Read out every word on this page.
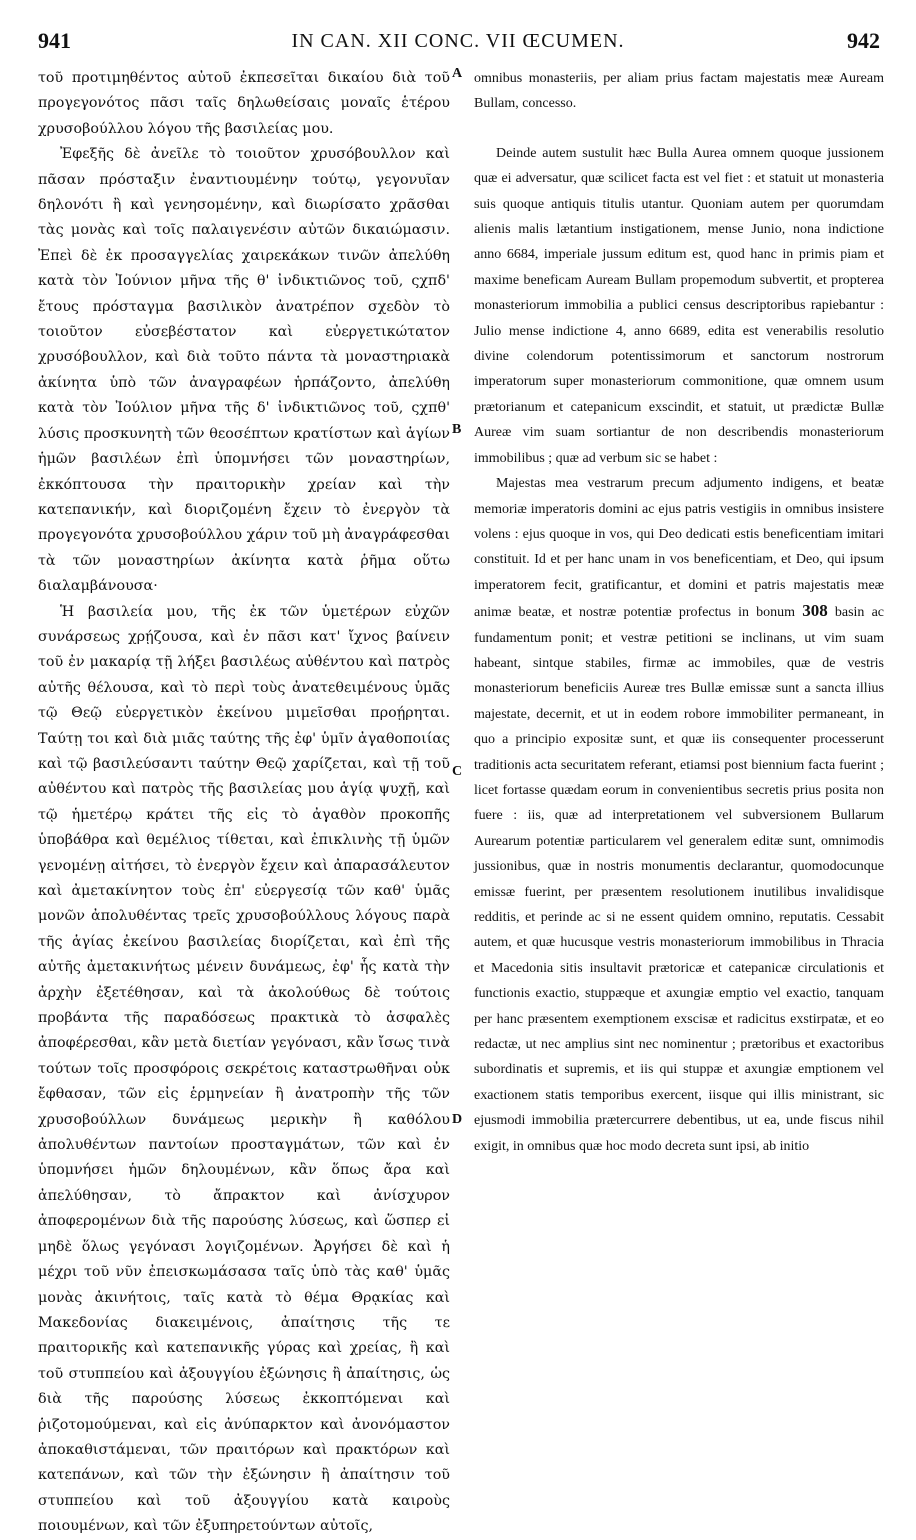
941	IN CAN. XII CONC. VII ŒCUMEN.	942

τοῦ προτιμηθέντος αὐτοῦ ἐκπεσεῖται δικαίου διὰ τοῦ προγεγονότος πᾶσι ταῖς δηλωθείσαις μοναῖς ἑτέρου χρυσοβούλλου λόγου τῆς βασιλείας μου.

Ἐφεξῆς δὲ ἀνεῖλε τὸ τοιοῦτον χρυσόβουλλον καὶ πᾶσαν πρόσταξιν ἐναντιουμένην τούτῳ, γεγονυῖαν δηλονότι ἢ καὶ γενησομένην, καὶ διωρίσατο χρᾶσθαι τὰς μονὰς καὶ τοῖς παλαιγενέσιν αὐτῶν δικαιώμασιν. Ἐπεὶ δὲ ἐκ προσαγγελίας χαιρεκάκων τινῶν ἀπελύθη κατὰ τὸν Ἰούνιον μῆνα τῆς θ' ἰνδικτιῶνος τοῦ, ςχπδ' ἔτους πρόσταγμα βασιλικὸν ἀνατρέπον σχεδὸν τὸ τοιοῦτον εὐσεβέστατον καὶ εὐεργετικώτατον χρυσόβουλλον, καὶ διὰ τοῦτο πάντα τὰ μοναστηριακὰ ἀκίνητα ὑπὸ τῶν ἀναγραφέων ἡρπάζοντο, ἀπελύθη κατὰ τὸν Ἰούλιον μῆνα τῆς δ' ἰνδικτιῶνος τοῦ, ςχπθ' λύσις προσκυνητὴ τῶν θεοσέπτων κρατίστων καὶ ἁγίων ἡμῶν βασιλέων ἐπὶ ὑπομνήσει τῶν μοναστηρίων, ἐκκόπτουσα τὴν πραιτορικὴν χρείαν καὶ τὴν κατεπανικήν, καὶ διοριζομένη ἔχειν τὸ ἐνεργὸν τὰ προγεγονότα χρυσοβούλλου χάριν τοῦ μὴ ἀναγράφεσθαι τὰ τῶν μοναστηρίων ἀκίνητα κατὰ ῥῆμα οὕτω διαλαμβάνουσα·

Ἡ βασιλεία μου, τῆς ἐκ τῶν ὑμετέρων εὐχῶν συνάρσεως χρῄζουσα, καὶ ἐν πᾶσι κατ' ἴχνος βαίνειν τοῦ ἐν μακαρίᾳ τῇ λήξει βασιλέως αὐθέντου καὶ πατρὸς αὐτῆς θέλουσα, καὶ τὸ περὶ τοὺς ἀνατεθειμένους ὑμᾶς τῷ Θεῷ εὐεργετικὸν ἐκείνου μιμεῖσθαι προῄρηται. Ταύτῃ τοι καὶ διὰ μιᾶς ταύτης τῆς ἐφ' ὑμῖν ἀγαθοποιίας καὶ τῷ βασιλεύσαντι ταύτην Θεῷ χαρίζεται, καὶ τῇ τοῦ αὐθέντου καὶ πατρὸς τῆς βασιλείας μου ἁγίᾳ ψυχῇ, καὶ τῷ ἡμετέρῳ κράτει τῆς εἰς τὸ ἀγαθὸν προκοπῆς ὑποβάθρα καὶ θεμέλιος τίθεται, καὶ ἐπικλινὴς τῇ ὑμῶν γενομένῃ αἰτήσει, τὸ ἐνεργὸν ἔχειν καὶ ἀπαρασάλευτον καὶ ἀμετακίνητον τοὺς ἐπ' εὐεργεσίᾳ τῶν καθ' ὑμᾶς μονῶν ἀπολυθέντας τρεῖς χρυσοβούλλους λόγους παρὰ τῆς ἁγίας ἐκείνου βασιλείας διορίζεται, καὶ ἐπὶ τῆς αὐτῆς ἀμετακινήτως μένειν δυνάμεως, ἐφ' ἧς κατὰ τὴν ἀρχὴν ἐξετέθησαν, καὶ τὰ ἀκολούθως δὲ τούτοις προβάντα τῆς παραδόσεως πρακτικὰ τὸ ἀσφαλὲς ἀποφέρεσθαι, κἂν μετὰ διετίαν γεγόνασι, κἂν ἴσως τινὰ τούτων τοῖς προσφόροις σεκρέτοις καταστρωθῆναι οὐκ ἔφθασαν, τῶν εἰς ἑρμηνείαν ἢ ἀνατροπὴν τῆς τῶν χρυσοβούλλων δυνάμεως μερικὴν ἢ καθόλου ἀπολυθέντων παντοίων προσταγμάτων, τῶν καὶ ἐν ὑπομνήσει ἡμῶν δηλουμένων, κἂν ὅπως ἄρα καὶ ἀπελύθησαν, τὸ ἄπρακτον καὶ ἀνίσχυρον ἀποφερομένων διὰ τῆς παρούσης λύσεως, καὶ ὥσπερ εἰ μηδὲ ὅλως γεγόνασι λογιζομένων. Ἀργήσει δὲ καὶ ἡ μέχρι τοῦ νῦν ἐπεισκωμάσασα ταῖς ὑπὸ τὰς καθ' ὑμᾶς μονὰς ἀκινήτοις, ταῖς κατὰ τὸ θέμα Θρᾳκίας καὶ Μακεδονίας διακειμένοις, ἀπαίτησις τῆς τε πραιτορικῆς καὶ κατεπανικῆς γύρας καὶ χρείας, ἢ καὶ τοῦ στυππείου καὶ ἀξουγγίου ἐξώνησις ἢ ἀπαίτησις, ὡς διὰ τῆς παρούσης λύσεως ἐκκοπτόμεναι καὶ ῥιζοτομούμεναι, καὶ εἰς ἀνύπαρκτον καὶ ἀνονόμαστον ἀποκαθιστάμεναι, τῶν πραιτόρων καὶ πρακτόρων καὶ κατεπάνων, καὶ τῶν τὴν ἐξώνησιν ἢ ἀπαίτησιν τοῦ στυππείου καὶ τοῦ ἀξουγγίου κατὰ καιροὺς ποιουμένων, καὶ τῶν ἐξυπηρετούντων αὐτοῖς,

A
B
C
D

omnibus monasteriis, per aliam prius factam majestatis meæ Auream Bullam, concesso.

Deinde autem sustulit hæc Bulla Aurea omnem quoque jussionem quæ ei adversatur, quæ scilicet facta est vel fiet : et statuit ut monasteria suis quoque antiquis titulis utantur. Quoniam autem per quorumdam alienis malis lætantium instigationem, mense Junio, nona indictione anno 6684, imperiale jussum editum est, quod hanc in primis piam et maxime beneficam Auream Bullam propemodum subvertit, et propterea monasteriorum immobilia a publici census descriptoribus rapiebantur : Julio mense indictione 4, anno 6689, edita est venerabilis resolutio divine colendorum potentissimorum et sanctorum nostrorum imperatorum super monasteriorum commonitione, quæ omnem usum prætorianum et catepanicum exscindit, et statuit, ut prædictæ Bullæ Aureæ vim suam sortiantur de non describendis monasteriorum immobilibus ; quæ ad verbum sic se habet :

Majestas mea vestrarum precum adjumento indigens, et beatæ memoriæ imperatoris domini ac ejus patris vestigiis in omnibus insistere volens : ejus quoque in vos, qui Deo dedicati estis beneficentiam imitari constituit. Id et per hanc unam in vos beneficentiam, et Deo, qui ipsum imperatorem fecit, gratificantur, et domini et patris majestatis meæ animæ beatæ, et nostræ potentiæ profectus in bonum 308 basin ac fundamentum ponit; et vestræ petitioni se inclinans, ut vim suam habeant, sintque stabiles, firmæ ac immobiles, quæ de vestris monasteriorum beneficiis Aureæ tres Bullæ emissæ sunt a sancta illius majestate, decernit, et ut in eodem robore immobiliter permaneant, in quo a principio expositæ sunt, et quæ iis consequenter processerunt traditionis acta securitatem referant, etiamsi post biennium facta fuerint ; licet fortasse quædam eorum in convenientibus secretis prius posita non fuere : iis, quæ ad interpretationem vel subversionem Bullarum Aurearum potentiæ particularem vel generalem editæ sunt, omnimodis jussionibus, quæ in nostris monumentis declarantur, quomodocunque emissæ fuerint, per præsentem resolutionem inutilibus invalidisque redditis, et perinde ac si ne essent quidem omnino, reputatis. Cessabit autem, et quæ hucusque vestris monasteriorum immobilibus in Thracia et Macedonia sitis insultavit prætoricæ et catepanicæ circulationis et functionis exactio, stuppæque et axungiæ emptio vel exactio, tanquam per hanc præsentem exemptionem exscisæ et radicitus exstirpatæ, et eo redactæ, ut nec amplius sint nec nominentur ; prætoribus et exactoribus subordinatis et supremis, et iis qui stuppæ et axungiæ emptionem vel exactionem statis temporibus exercent, iisque qui illis ministrant, sic ejusmodi immobilia prætercurrere debentibus, ut ea, unde fiscus nihil exigit, in omnibus quæ hoc modo decreta sunt ipsi, ab initio
